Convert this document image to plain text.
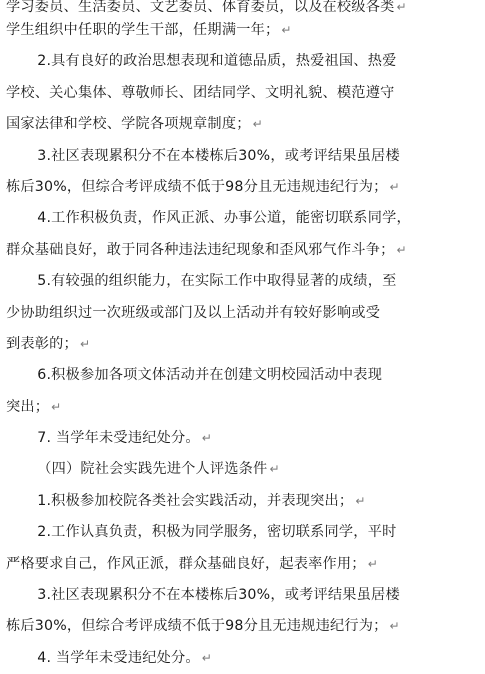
学习委员、生活委员、文艺委员、体育委员，以及在校级各类 ↵
学生组织中任职的学生干部，任期满一年； ↵
2.具有良好的政治思想表现和道德品质，热爱祖国、热爱
学校、关心集体、尊敬师长、团结同学、文明礼貌、模范遵守
国家法律和学校、学院各项规章制度； ↵
3.社区表现累积分不在本楼栋后30%，或考评结果虽居楼
栋后30%，但综合考评成绩不低于98分且无违规违纪行为； ↵
4.工作积极负责，作风正派、办事公道，能密切联系同学，
群众基础良好，敢于同各种违法违纪现象和歪风邪气作斗争； ↵
5.有较强的组织能力，在实际工作中取得显著的成绩，至
少协助组织过一次班级或部门及以上活动并有较好影响或受
到表彰的； ↵
6.积极参加各项文体活动并在创建文明校园活动中表现
突出； ↵
7. 当学年未受违纪处分。 ↵
（四）院社会实践先进个人评选条件 ↵
1.积极参加校院各类社会实践活动，并表现突出； ↵
2.工作认真负责，积极为同学服务，密切联系同学，平时
严格要求自己，作风正派，群众基础良好，起表率作用； ↵
3.社区表现累积分不在本楼栋后30%，或考评结果虽居楼
栋后30%，但综合考评成绩不低于98分且无违规违纪行为； ↵
4. 当学年未受违纪处分。 ↵
